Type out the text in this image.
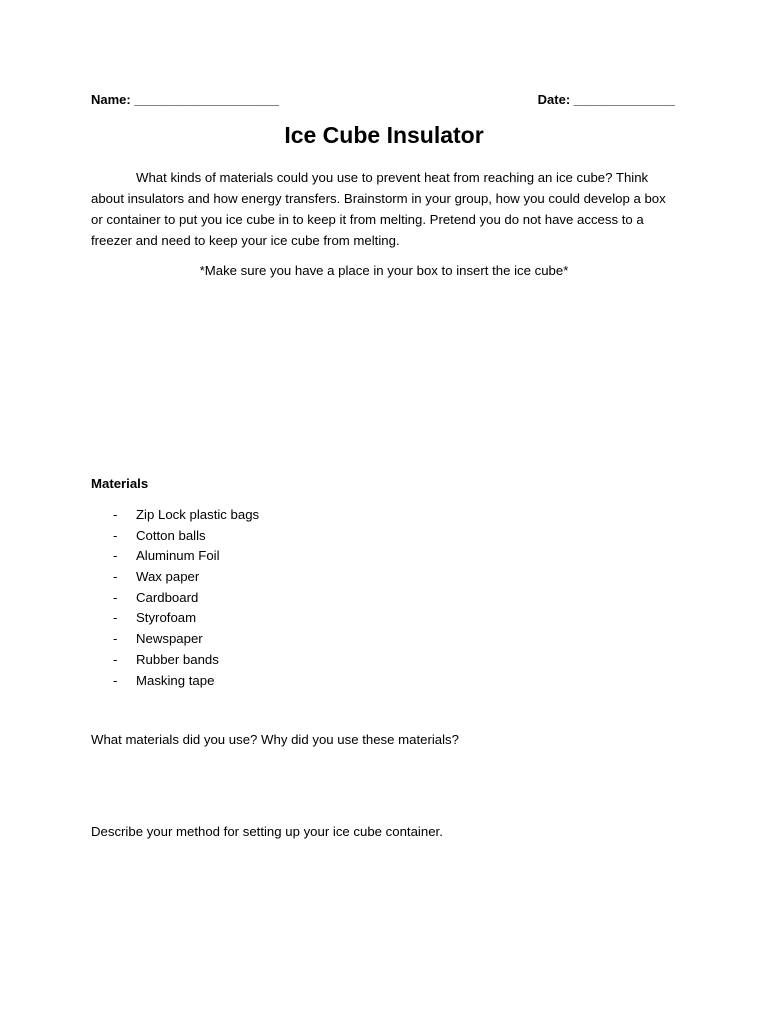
Name: ____________________	Date: ______________
Ice Cube Insulator

What kinds of materials could you use to prevent heat from reaching an ice cube? Think about insulators and how energy transfers. Brainstorm in your group, how you could develop a box or container to put you ice cube in to keep it from melting. Pretend you do not have access to a freezer and need to keep your ice cube from melting.

*Make sure you have a place in your box to insert the ice cube*
Materials
- Zip Lock plastic bags
- Cotton balls
- Aluminum Foil
- Wax paper
- Cardboard
- Styrofoam
- Newspaper
- Rubber bands
- Masking tape
What materials did you use? Why did you use these materials?
Describe your method for setting up your ice cube container.
